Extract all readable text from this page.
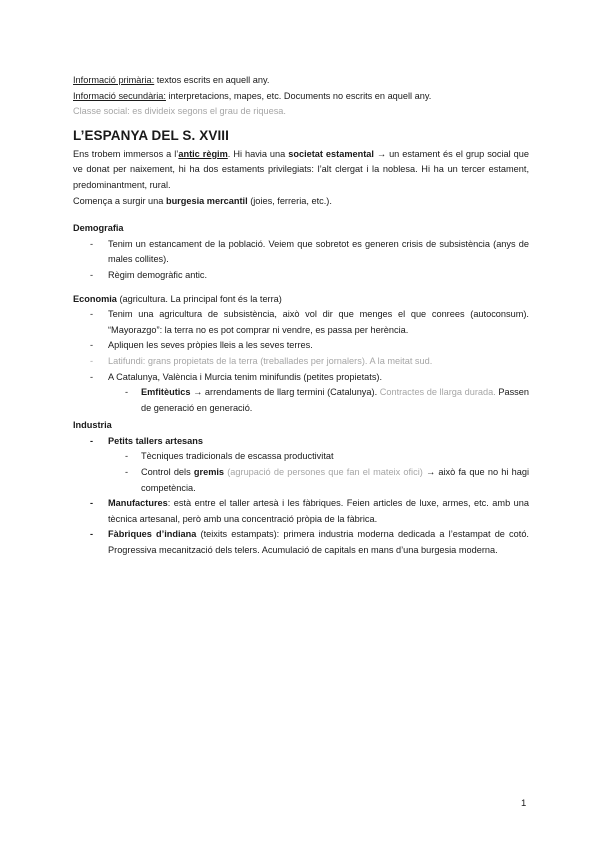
Informació primària: textos escrits en aquell any.

Informació secundària: interpretacions, mapes, etc. Documents no escrits en aquell any.

Classe social: es divideix segons el grau de riquesa.

L’ESPANYA DEL S. XVIII

Ens trobem immersos a l’antic règim. Hi havia una societat estamental → un estament és el grup social que ve donat per naixement, hi ha dos estaments privilegiats: l’alt clergat i la noblesa. Hi ha un tercer estament, predominantment, rural.

Comença a surgir una burgesia mercantil (joies, ferreria, etc.).

Demografia

- Tenim un estancament de la població. Veiem que sobretot es generen crisis de subsistència (anys de males collites).
- Règim demogràfic antic.

Economia (agricultura. La principal font és la terra)

- Tenim una agricultura de subsistència, això vol dir que menges el que conrees (autoconsum). “Mayorazgo”: la terra no es pot comprar ni vendre, es passa per herència.
- Apliquen les seves pròpies lleis a les seves terres.
- Latifundi: grans propietats de la terra (treballades per jornalers). A la meitat sud.
- A Catalunya, València i Murcia tenim minifundis (petites propietats).
- Emfitèutics → arrendaments de llarg termini (Catalunya). Contractes de llarga durada. Passen de generació en generació.

Industria

- Petits tallers artesans
- Tècniques tradicionals de escassa productivitat
- Control dels gremis (agrupació de persones que fan el mateix ofici) → això fa que no hi hagi competència.
- Manufactures: està entre el taller artesà i les fàbriques. Feien articles de luxe, armes, etc. amb una tècnica artesanal, però amb una concentració pròpia de la fàbrica.
- Fàbriques d’indiana (teixits estampats): primera industria moderna dedicada a l’estampat de cotó. Progressiva mecanització dels telers. Acumulació de capitals en mans d’una burgesia moderna.
1
